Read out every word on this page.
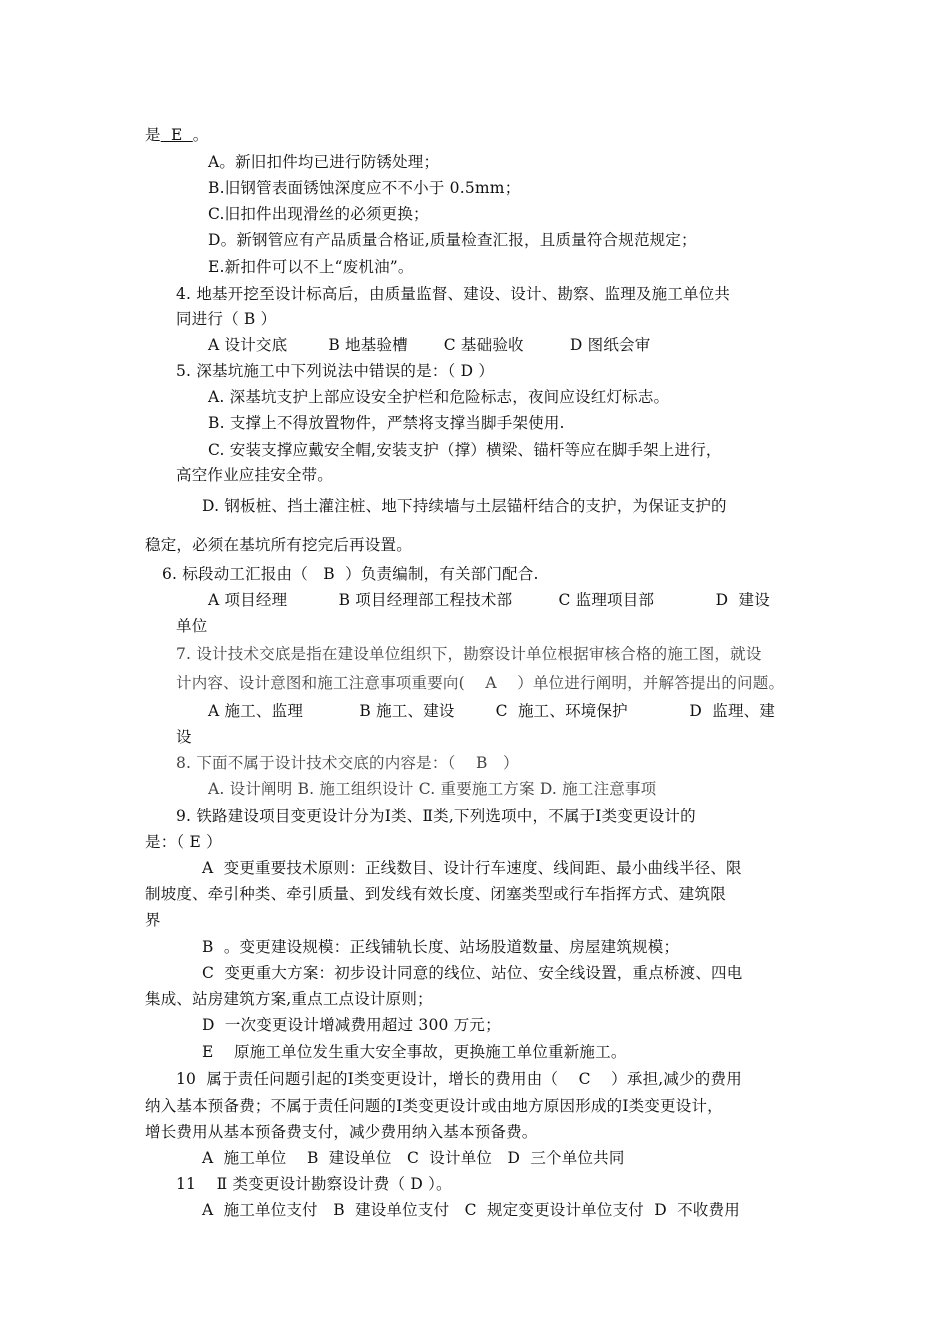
是  E  。
A。新旧扣件均已进行防锈处理；
B.旧钢管表面锈蚀深度应不不小于 0.5mm；
C.旧扣件出现滑丝的必须更换；
D。新钢管应有产品质量合格证,质量检查汇报，且质量符合规范规定；
E.新扣件可以不上“废机油”。
4. 地基开挖至设计标高后，由质量监督、建设、设计、勘察、监理及施工单位共
同进行（ B ）
A 设计交底        B 地基验槽       C 基础验收         D 图纸会审
5. 深基坑施工中下列说法中错误的是：（ D ）
A. 深基坑支护上部应设安全护栏和危险标志，夜间应设红灯标志。
B. 支撑上不得放置物件，严禁将支撑当脚手架使用.
C. 安装支撑应戴安全帽,安装支护（撑）横梁、锚杆等应在脚手架上进行，
高空作业应挂安全带。
D. 钢板桩、挡土灌注桩、地下持续墙与土层锚杆结合的支护，为保证支护的
稳定，必须在基坑所有挖完后再设置。
6. 标段动工汇报由（   B  ）负责编制，有关部门配合.
A 项目经理          B 项目经理部工程技术部         C 监理项目部            D  建设
单位
7. 设计技术交底是指在建设单位组织下，勘察设计单位根据审核合格的施工图，就设
计内容、设计意图和施工注意事项重要向(    A    ）单位进行阐明，并解答提出的问题。
A 施工、监理           B 施工、建设        C  施工、环境保护            D  监理、建
设
8. 下面不属于设计技术交底的内容是：（    B   ）
A. 设计阐明 B. 施工组织设计 C. 重要施工方案 D. 施工注意事项
9. 铁路建设项目变更设计分为Ⅰ类、Ⅱ类,下列选项中，不属于Ⅰ类变更设计的
是：（ E ）
A  变更重要技术原则：正线数目、设计行车速度、线间距、最小曲线半径、限
制坡度、牵引种类、牵引质量、到发线有效长度、闭塞类型或行车指挥方式、建筑限
界
B  。变更建设规模：正线铺轨长度、站场股道数量、房屋建筑规模；
C  变更重大方案：初步设计同意的线位、站位、安全线设置，重点桥渡、四电
集成、站房建筑方案,重点工点设计原则；
D  一次变更设计增减费用超过 300 万元；
E    原施工单位发生重大安全事故，更换施工单位重新施工。
10  属于责任问题引起的Ⅰ类变更设计，增长的费用由（    C    ）承担,减少的费用
纳入基本预备费；不属于责任问题的Ⅰ类变更设计或由地方原因形成的Ⅰ类变更设计，
增长费用从基本预备费支付，减少费用纳入基本预备费。
A  施工单位    B  建设单位   C  设计单位   D  三个单位共同
11    Ⅱ 类变更设计勘察设计费（ D ）。
A  施工单位支付   B  建设单位支付   C  规定变更设计单位支付  D  不收费用
